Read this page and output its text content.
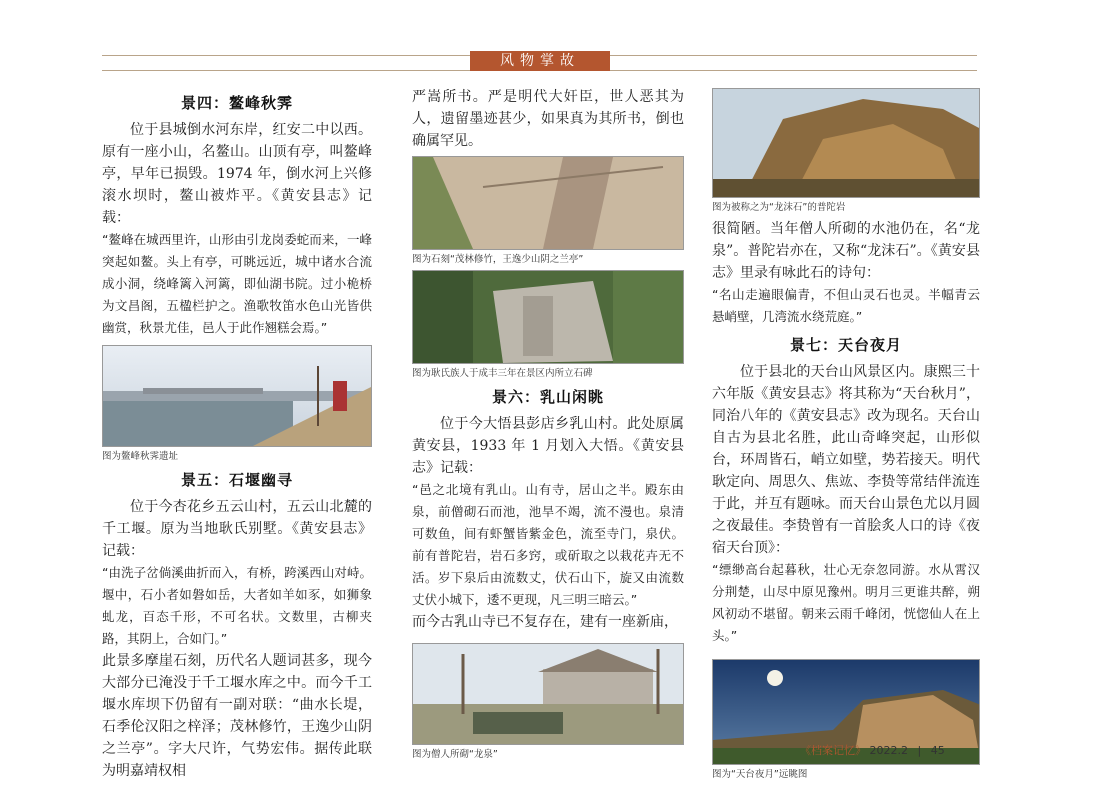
风物掌故
景四：鳌峰秋霁

位于县城倒水河东岸，红安二中以西。原有一座小山，名鳌山。山顶有亭，叫鳌峰亭，早年已损毁。1974 年，倒水河上兴修滚水坝时，鳌山被炸平。《黄安县志》记载：

“鳌峰在城西里许，山形由引龙岗委蛇而来，一峰突起如鳌。头上有亭，可眺远近，城中诸水合流成小洞，绕峰篱入河篱，即仙湖书院。过小桅桥为文昌阁，五楹栏护之。渔歌牧笛水色山光皆供幽赏，秋景尤佳，邑人于此作翘糕会焉。”

图为鳌峰秋霁遗址
景五：石堰幽寻

位于今杏花乡五云山村，五云山北麓的千工堰。原为当地耿氏别墅。《黄安县志》记载：

“由洗子岔倘溪曲折而入，有桥，跨溪西山对峙。堰中，石小者如磐如岳，大者如羊如豕，如狮象虬龙，百态千形，不可名状。文数里，古柳夹路，其阴上，合如门。”

此景多摩崖石刻，历代名人题词甚多，现今大部分已淹没于千工堰水库之中。而今千工堰水库坝下仍留有一副对联：“曲水长堤，石季伦汉阳之梓泽；茂林修竹，王逸少山阴之兰亭”。字大尺许，气势宏伟。据传此联为明嘉靖权相

严嵩所书。严是明代大奸臣，世人恶其为人，遗留墨迹甚少，如果真为其所书，倒也确属罕见。

图为石刻“茂林修竹，王逸少山阴之兰亭”
图为耿氏族人于成丰三年在景区内所立石碑
景六：乳山闲眺

位于今大悟县彭店乡乳山村。此处原属黄安县，1933 年 1 月划入大悟。《黄安县志》记载：

“邑之北境有乳山。山有寺，居山之半。殿东由泉，前僧砌石而池，池旱不竭，流不漫也。泉清可数鱼，间有虾蟹皆紫金色，流至寺门，泉伏。前有普陀岩，岩石多窍，或斫取之以栽花卉无不活。岁下泉后由流数丈，伏石山下，旋又由流数丈伏小城下，逶不更现，凡三明三暗云。”

而今古乳山寺已不复存在，建有一座新庙，

图为僧人所砌“龙泉”
图为被称之为“龙沫石”的普陀岩

很简陋。当年僧人所砌的水池仍在，名“龙泉”。普陀岩亦在，又称“龙沫石”。《黄安县志》里录有咏此石的诗句：

“名山走遍眼偏青，不但山灵石也灵。半幅青云悬峭壁，几湾流水绕荒庭。”

景七：天台夜月

位于县北的天台山风景区内。康熙三十六年版《黄安县志》将其称为“天台秋月”，同治八年的《黄安县志》改为现名。天台山自古为县北名胜，此山奇峰突起，山形似台，环周皆石，峭立如壁，势若接天。明代耿定向、周思久、焦竑、李贽等常结伴流连于此，并互有题咏。而天台山景色尤以月圆之夜最佳。李贽曾有一首脍炙人口的诗《夜宿天台顶》：

“缥缈高台起暮秋，壮心无奈忽同游。水从霄汉分荆楚，山尽中原见豫州。明月三更谁共醉，朔风初动不堪留。朝来云雨千峰闭，恍惚仙人在上头。”

图为“天台夜月”远眺图
《档案记忆》 2022.2 | 45
